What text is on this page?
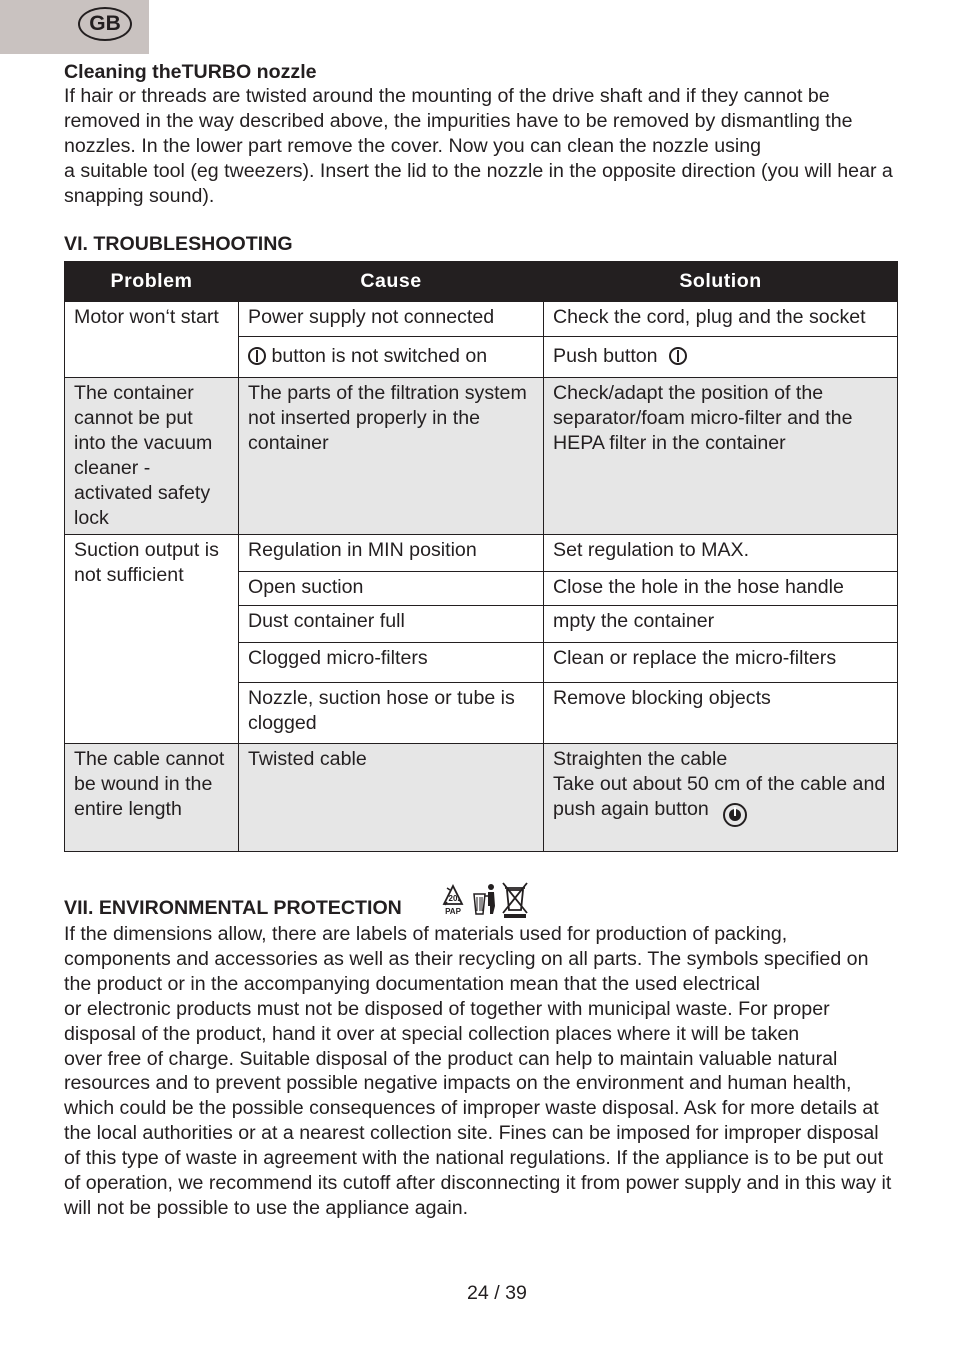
GB
Cleaning theTURBO nozzle

If hair or threads are twisted around the mounting of the drive shaft and if they cannot be removed in the way described above, the impurities have to be removed by dismantling the nozzles. In the lower part remove the cover. Now you can clean the nozzle using
a suitable tool (eg tweezers). Insert the lid to the nozzle in the opposite direction (you will hear a snapping sound).

VI. TROUBLESHOOTING
Problem	Cause	Solution
Motor won‘t start	Power supply not connected	Check the cord, plug and the socket
	button is not switched on	Push button
The container cannot be put into the vacuum cleaner - activated safety lock	The parts of the filtration system not inserted properly in the container	Check/adapt the position of the separator/foam micro-filter and the HEPA filter in the container
Suction output is not sufficient	Regulation in MIN position	Set regulation to MAX.
	Open suction	Close the hole in the hose handle
	Dust container full	mpty the container
	Clogged micro-filters	Clean or replace the micro-filters
	Nozzle, suction hose or tube is clogged	Remove blocking objects
The cable cannot be wound in the entire length	Twisted cable	Straighten the cable
Take out about 50 cm of the cable and push again button
VII. ENVIRONMENTAL PROTECTION	20
PAP

If the dimensions allow, there are labels of materials used for production of packing, components and accessories as well as their recycling on all parts. The symbols specified on the product or in the accompanying documentation mean that the used electrical
or electronic products must not be disposed of together with municipal waste. For proper disposal of the product, hand it over at special collection places where it will be taken
over free of charge. Suitable disposal of the product can help to maintain valuable natural resources and to prevent possible negative impacts on the environment and human health, which could be the possible consequences of improper waste disposal. Ask for more details at the local authorities or at a nearest collection site. Fines can be imposed for improper disposal of this type of waste in agreement with the national regulations. If the appliance is to be put out of operation, we recommend its cutoff after disconnecting it from power supply and in this way it will not be possible to use the appliance again.

24 / 39
